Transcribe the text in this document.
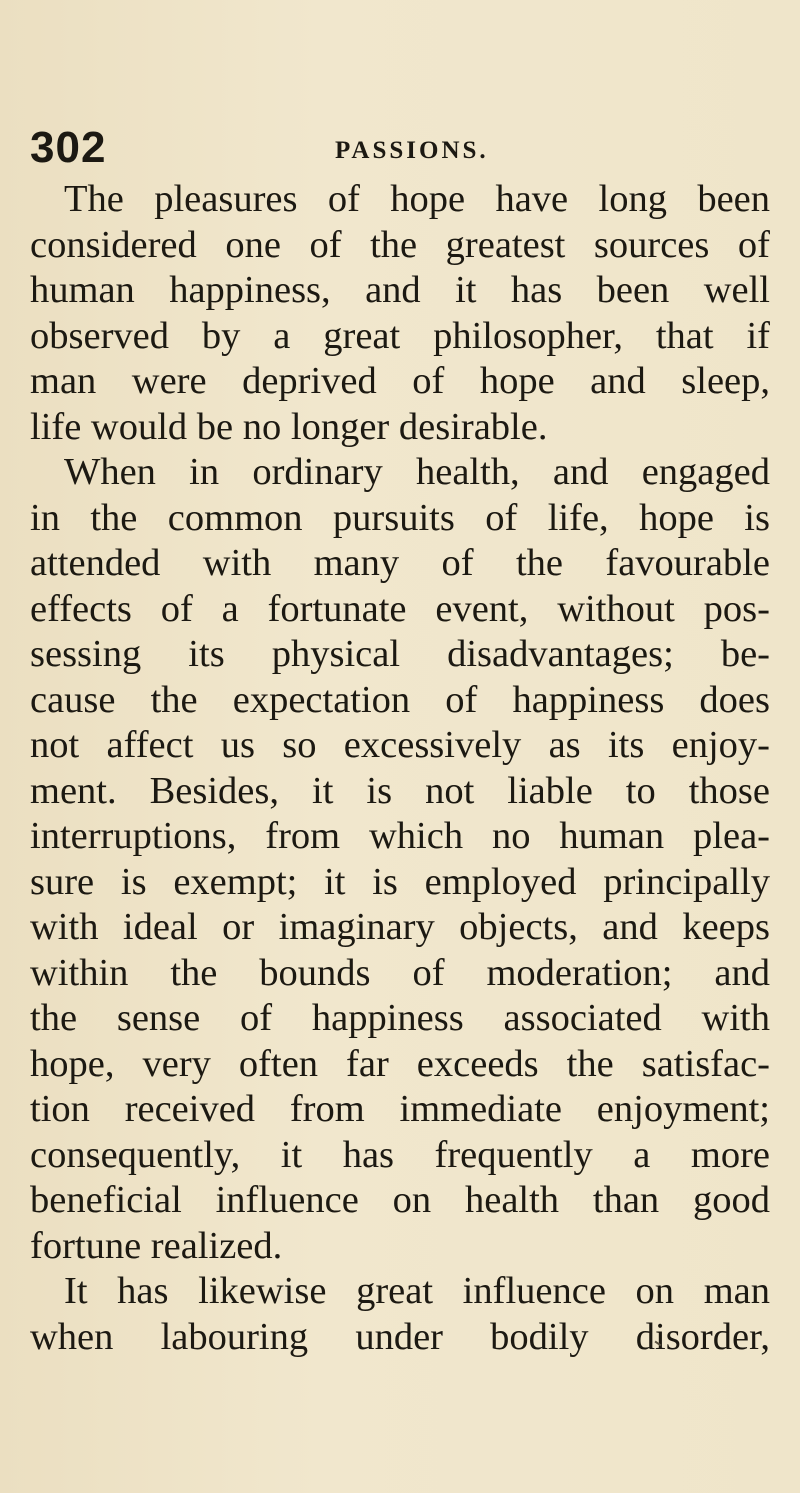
302	PASSIONS.
The pleasures of hope have long been
considered one of the greatest sources of
human happiness, and it has been well
observed by a great philosopher, that if
man were deprived of hope and sleep,
life would be no longer desirable.
When in ordinary health, and engaged
in the common pursuits of life, hope is
attended with many of the favourable
effects of a fortunate event, without pos-
sessing its physical disadvantages; be-
cause the expectation of happiness does
not affect us so excessively as its enjoy-
ment. Besides, it is not liable to those
interruptions, from which no human plea-
sure is exempt; it is employed principally
with ideal or imaginary objects, and keeps
within the bounds of moderation; and
the sense of happiness associated with
hope, very often far exceeds the satisfac-
tion received from immediate enjoyment;
consequently, it has frequently a more
beneficial influence on health than good
fortune realized.
It has likewise great influence on man
when labouring under bodily disorder,
